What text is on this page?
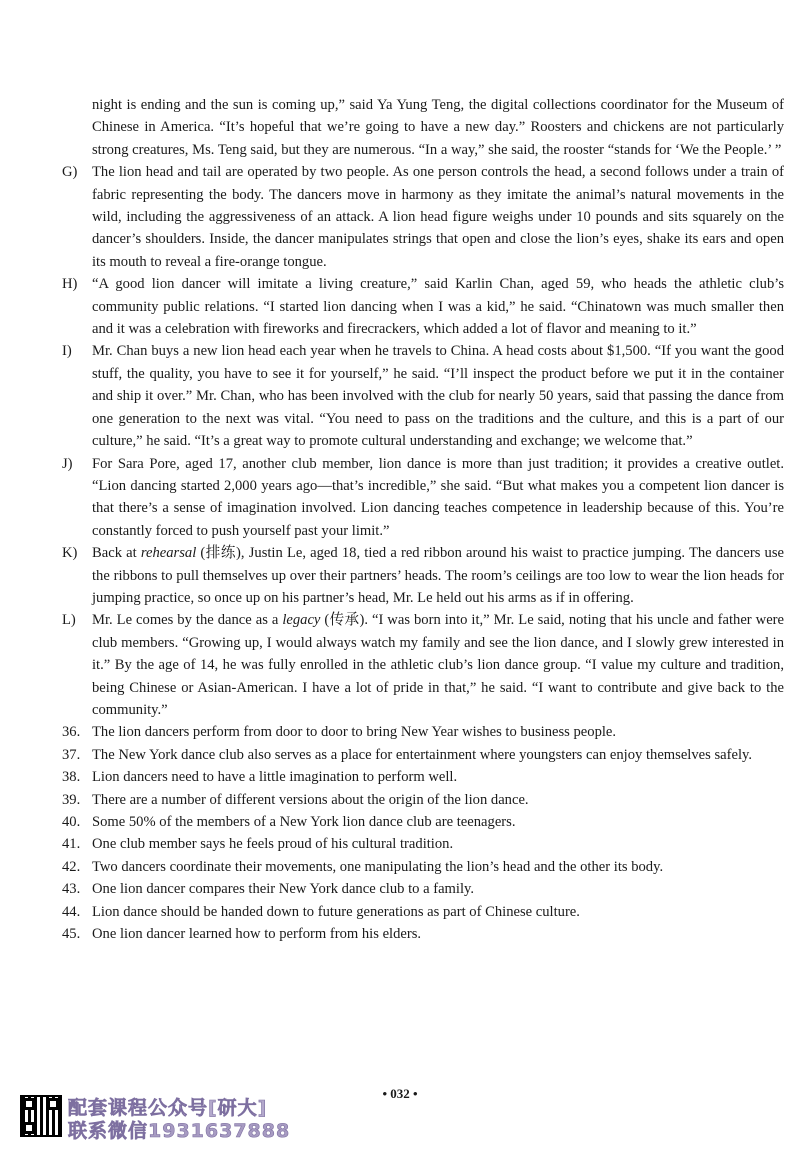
night is ending and the sun is coming up,” said Ya Yung Teng, the digital collections coordinator for the Museum of Chinese in America. “It’s hopeful that we’re going to have a new day.” Roosters and chickens are not particularly strong creatures, Ms. Teng said, but they are numerous. “In a way,” she said, the rooster “stands for ‘We the People.’ ”

G) The lion head and tail are operated by two people. As one person controls the head, a second follows under a train of fabric representing the body. The dancers move in harmony as they imitate the animal’s natural movements in the wild, including the aggressiveness of an attack. A lion head figure weighs under 10 pounds and sits squarely on the dancer’s shoulders. Inside, the dancer manipulates strings that open and close the lion’s eyes, shake its ears and open its mouth to reveal a fire-orange tongue.

H) “A good lion dancer will imitate a living creature,” said Karlin Chan, aged 59, who heads the athletic club’s community public relations. “I started lion dancing when I was a kid,” he said. “Chinatown was much smaller then and it was a celebration with fireworks and firecrackers, which added a lot of flavor and meaning to it.”

I) Mr. Chan buys a new lion head each year when he travels to China. A head costs about $1,500. “If you want the good stuff, the quality, you have to see it for yourself,” he said. “I’ll inspect the product before we put it in the container and ship it over.” Mr. Chan, who has been involved with the club for nearly 50 years, said that passing the dance from one generation to the next was vital. “You need to pass on the traditions and the culture, and this is a part of our culture,” he said. “It’s a great way to promote cultural understanding and exchange; we welcome that.”

J) For Sara Pore, aged 17, another club member, lion dance is more than just tradition; it provides a creative outlet. “Lion dancing started 2,000 years ago—that’s incredible,” she said. “But what makes you a competent lion dancer is that there’s a sense of imagination involved. Lion dancing teaches competence in leadership because of this. You’re constantly forced to push yourself past your limit.”

K) Back at rehearsal (排练), Justin Le, aged 18, tied a red ribbon around his waist to practice jumping. The dancers use the ribbons to pull themselves up over their partners’ heads. The room’s ceilings are too low to wear the lion heads for jumping practice, so once up on his partner’s head, Mr. Le held out his arms as if in offering.

L) Mr. Le comes by the dance as a legacy (传承). “I was born into it,” Mr. Le said, noting that his uncle and father were club members. “Growing up, I would always watch my family and see the lion dance, and I slowly grew interested in it.” By the age of 14, he was fully enrolled in the athletic club’s lion dance group. “I value my culture and tradition, being Chinese or Asian-American. I have a lot of pride in that,” he said. “I want to contribute and give back to the community.”

36. The lion dancers perform from door to door to bring New Year wishes to business people.

37. The New York dance club also serves as a place for entertainment where youngsters can enjoy themselves safely.

38. Lion dancers need to have a little imagination to perform well.

39. There are a number of different versions about the origin of the lion dance.

40. Some 50% of the members of a New York lion dance club are teenagers.

41. One club member says he feels proud of his cultural tradition.

42. Two dancers coordinate their movements, one manipulating the lion’s head and the other its body.

43. One lion dancer compares their New York dance club to a family.

44. Lion dance should be handed down to future generations as part of Chinese culture.

45. One lion dancer learned how to perform from his elders.

• 032 •
配套课程公众号[研大]
联系微信1931637888
